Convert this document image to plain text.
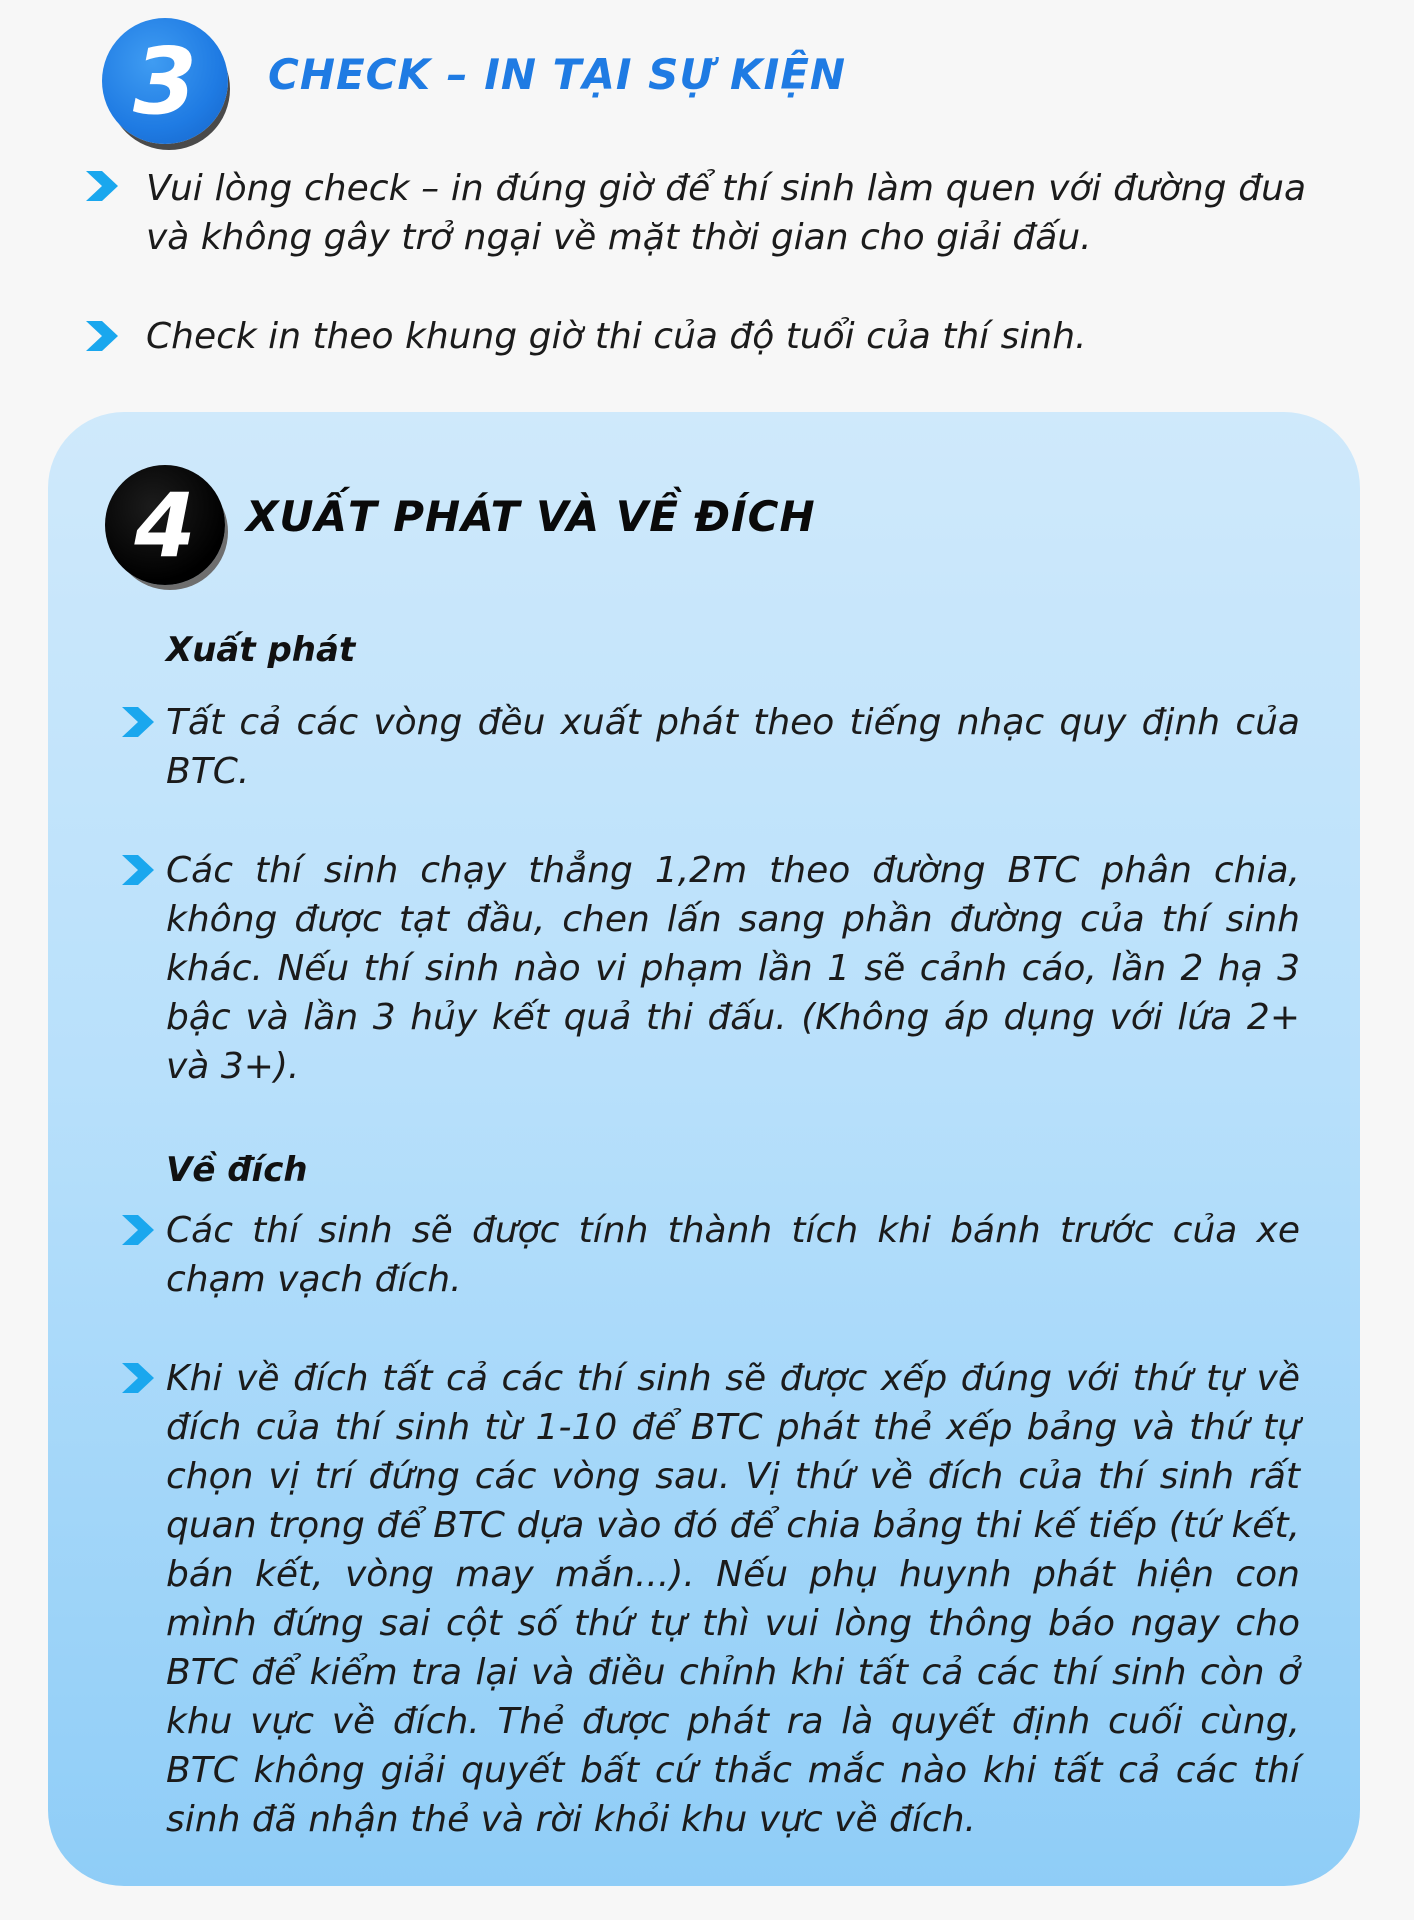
3	CHECK – IN TẠI SỰ KIỆN

Vui lòng check – in đúng giờ để thí sinh làm quen với đường đua và không gây trở ngại về mặt thời gian cho giải đấu.

Check in theo khung giờ thi của độ tuổi của thí sinh.

4	XUẤT PHÁT VÀ VỀ ĐÍCH
Xuất phát

Tất cả các vòng đều xuất phát theo tiếng nhạc quy định của BTC.

Các thí sinh chạy thẳng 1,2m theo đường BTC phân chia, không được tạt đầu, chen lấn sang phần đường của thí sinh khác. Nếu thí sinh nào vi phạm lần 1 sẽ cảnh cáo, lần 2 hạ 3 bậc và lần 3 hủy kết quả thi đấu. (Không áp dụng với lứa 2+ và 3+).

Về đích

Các thí sinh sẽ được tính thành tích khi bánh trước của xe chạm vạch đích.

Khi về đích tất cả các thí sinh sẽ được xếp đúng với thứ tự về đích của thí sinh từ 1-10 để BTC phát thẻ xếp bảng và thứ tự chọn vị trí đứng các vòng sau. Vị thứ về đích của thí sinh rất quan trọng để BTC dựa vào đó để chia bảng thi kế tiếp (tứ kết, bán kết, vòng may mắn...). Nếu phụ huynh phát hiện con mình đứng sai cột số thứ tự thì vui lòng thông báo ngay cho BTC để kiểm tra lại và điều chỉnh khi tất cả các thí sinh còn ở khu vực về đích. Thẻ được phát ra là quyết định cuối cùng, BTC không giải quyết bất cứ thắc mắc nào khi tất cả các thí sinh đã nhận thẻ và rời khỏi khu vực về đích.
